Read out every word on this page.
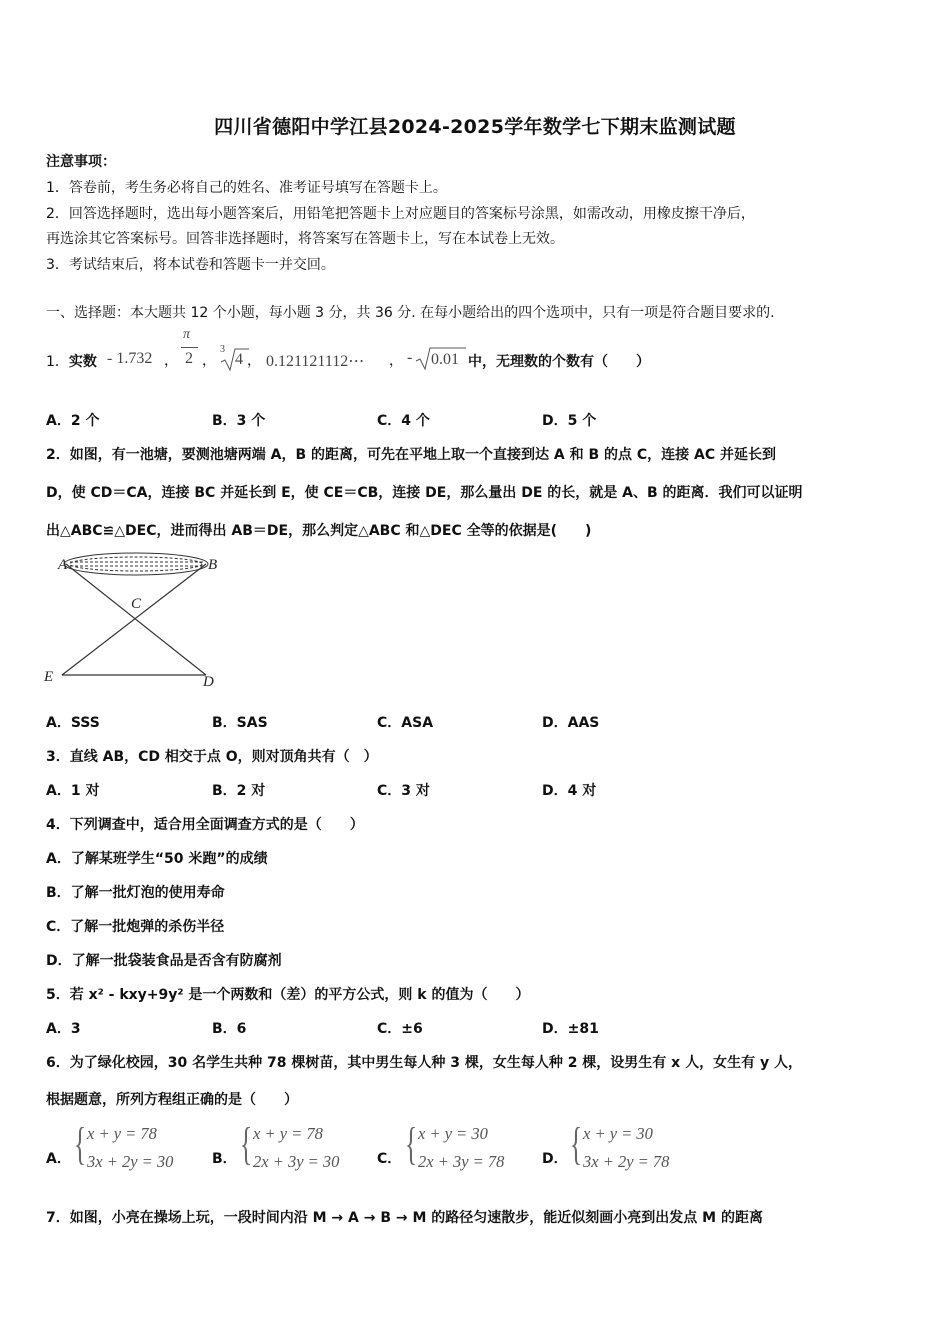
四川省德阳中学江县2024-2025学年数学七下期末监测试题
注意事项：
1．答卷前，考生务必将自己的姓名、准考证号填写在答题卡上。
2．回答选择题时，选出每小题答案后，用铅笔把答题卡上对应题目的答案标号涂黑，如需改动，用橡皮擦干净后，
再选涂其它答案标号。回答非选择题时，将答案写在答题卡上，写在本试卷上无效。
3．考试结束后，将本试卷和答题卡一并交回。
一、选择题：本大题共 12 个小题，每小题 3 分，共 36 分. 在每小题给出的四个选项中，只有一项是符合题目要求的.
1．实数 - 1.732 ，
π
2 ，
3
4 ， 0.121121112⋯ ， - 0.01 中，无理数的个数有（　　）
A．2 个	B．3 个	C．4 个	D．5 个
2．如图，有一池塘，要测池塘两端 A，B 的距离，可先在平地上取一个直接到达 A 和 B 的点 C，连接 AC 并延长到
D，使 CD＝CA，连接 BC 并延长到 E，使 CE＝CB，连接 DE，那么量出 DE 的长，就是 A、B 的距离．我们可以证明
出△ABC≌△DEC，进而得出 AB＝DE，那么判定△ABC 和△DEC 全等的依据是(　　)
A	B
C
E	D
A．SSS	B．SAS	C．ASA	D．AAS
3．直线 AB，CD 相交于点 O，则对顶角共有（　）
A．1 对	B．2 对	C．3 对	D．4 对
4．下列调查中，适合用全面调查方式的是（　　）
A．了解某班学生“50 米跑”的成绩
B．了解一批灯泡的使用寿命
C．了解一批炮弹的杀伤半径
D．了解一批袋装食品是否含有防腐剂
5．若 x² - kxy+9y² 是一个两数和（差）的平方公式，则 k 的值为（　　）
A．3	B．6	C．±6	D．±81
6．为了绿化校园，30 名学生共种 78 棵树苗，其中男生每人种 3 棵，女生每人种 2 棵，设男生有 x 人，女生有 y 人，
根据题意，所列方程组正确的是（　　）
A． { x + y = 78
3x + 2y = 30	B． { x + y = 78
2x + 3y = 30	C． { x + y = 30
2x + 3y = 78	D． { x + y = 30
3x + 2y = 78
7．如图，小亮在操场上玩，一段时间内沿 M → A → B → M 的路径匀速散步，能近似刻画小亮到出发点 M 的距离
